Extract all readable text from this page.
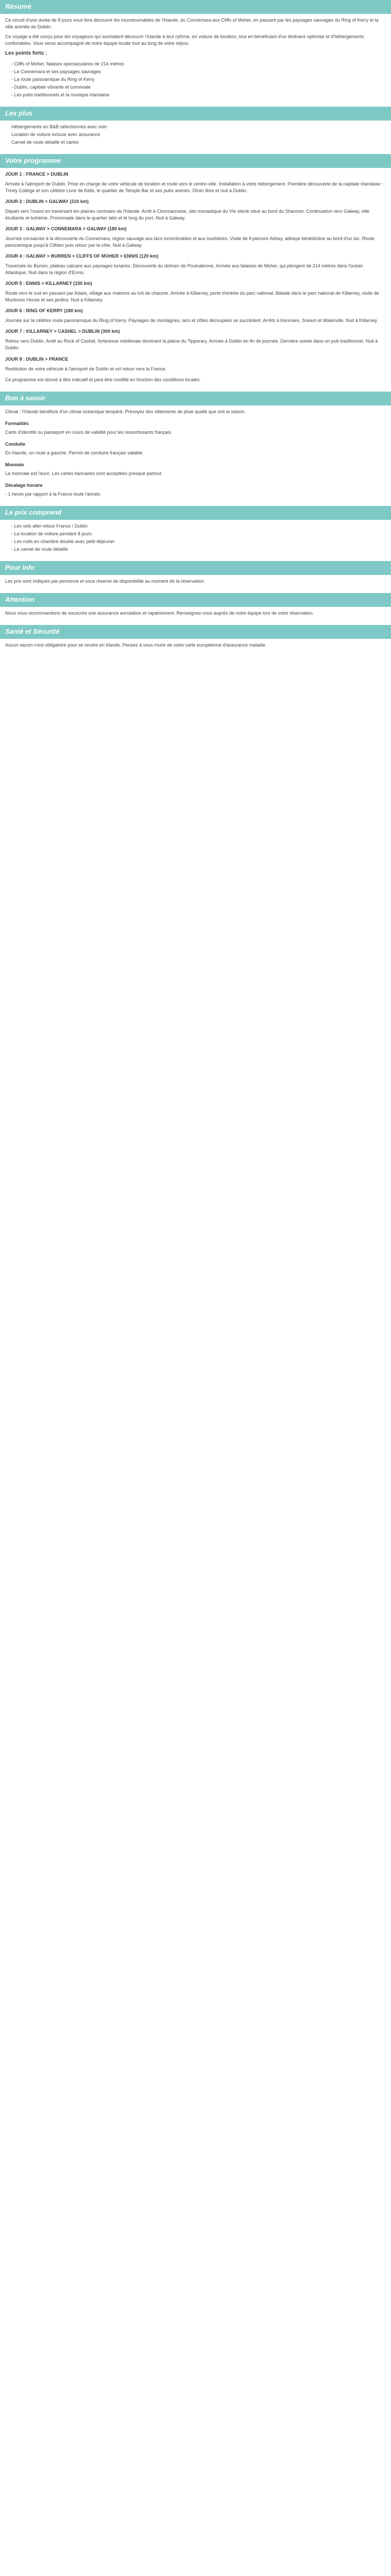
Résumé

Ce circuit d'une durée de 8 jours vous fera découvrir les incontournables de l'Irlande, du Connemara aux Cliffs of Moher, en passant par les paysages sauvages du Ring of Kerry et la ville animée de Dublin.

Ce voyage a été conçu pour les voyageurs qui souhaitent découvrir l'Irlande à leur rythme, en voiture de location, tout en bénéficiant d'un itinéraire optimisé et d'hébergements confortables. Vous serez accompagné de notre équipe locale tout au long de votre séjour.

Les points forts :

- Cliffs of Moher, falaises spectaculaires de 214 mètres
- Le Connemara et ses paysages sauvages
- La route panoramique du Ring of Kerry
- Dublin, capitale vibrante et conviviale
- Les pubs traditionnels et la musique irlandaise
Les plus
Hébergements en B&B sélectionnés avec soin
Location de voiture incluse avec assurance
Carnet de route détaillé et cartes
Votre programme

JOUR 1 : FRANCE > DUBLIN

Arrivée à l'aéroport de Dublin. Prise en charge de votre véhicule de location et route vers le centre-ville. Installation à votre hébergement. Première découverte de la capitale irlandaise : Trinity College et son célèbre Livre de Kells, le quartier de Temple Bar et ses pubs animés. Dîner libre et nuit à Dublin.

JOUR 2 : DUBLIN > GALWAY (210 km)

Départ vers l'ouest en traversant les plaines centrales de l'Irlande. Arrêt à Clonmacnoise, site monastique du VIe siècle situé au bord du Shannon. Continuation vers Galway, ville étudiante et bohème. Promenade dans le quartier latin et le long du port. Nuit à Galway.

JOUR 3 : GALWAY > CONNEMARA > GALWAY (180 km)

Journée consacrée à la découverte du Connemara, région sauvage aux lacs innombrables et aux tourbières. Visite de Kylemore Abbey, abbaye bénédictine au bord d'un lac. Route panoramique jusqu'à Clifden puis retour par la côte. Nuit à Galway.

JOUR 4 : GALWAY > BURREN > CLIFFS OF MOHER > ENNIS (120 km)

Traversée du Burren, plateau calcaire aux paysages lunaires. Découverte du dolmen de Poulnabrone. Arrivée aux falaises de Moher, qui plongent de 214 mètres dans l'océan Atlantique. Nuit dans la région d'Ennis.

JOUR 5 : ENNIS > KILLARNEY (150 km)

Route vers le sud en passant par Adare, village aux maisons au toit de chaume. Arrivée à Killarney, porte d'entrée du parc national. Balade dans le parc national de Killarney, visite de Muckross House et ses jardins. Nuit à Killarney.

JOUR 6 : RING OF KERRY (180 km)

Journée sur la célèbre route panoramique du Ring of Kerry. Paysages de montagnes, lacs et côtes découpées se succèdent. Arrêts à Kenmare, Sneem et Waterville. Nuit à Killarney.

JOUR 7 : KILLARNEY > CASHEL > DUBLIN (300 km)

Retour vers Dublin. Arrêt au Rock of Cashel, forteresse médiévale dominant la plaine du Tipperary. Arrivée à Dublin en fin de journée. Dernière soirée dans un pub traditionnel. Nuit à Dublin.

JOUR 8 : DUBLIN > FRANCE

Restitution de votre véhicule à l'aéroport de Dublin et vol retour vers la France.

Ce programme est donné à titre indicatif et peut être modifié en fonction des conditions locales.

Bon à savoir

Climat : l'Irlande bénéficie d'un climat océanique tempéré. Prévoyez des vêtements de pluie quelle que soit la saison.

Formalités

Carte d'identité ou passeport en cours de validité pour les ressortissants français.

Conduite

En Irlande, on roule à gauche. Permis de conduire français valable.

Monnaie

La monnaie est l'euro. Les cartes bancaires sont acceptées presque partout.

Décalage horaire

- 1 heure par rapport à la France toute l'année.

Le prix comprend
- Les vols aller-retour France / Dublin
- La location de voiture pendant 8 jours
- Les nuits en chambre double avec petit-déjeuner
- Le carnet de route détaillé
Pour info

Les prix sont indiqués par personne et sous réserve de disponibilité au moment de la réservation.

Attention

Nous vous recommandons de souscrire une assurance annulation et rapatriement. Renseignez-vous auprès de notre équipe lors de votre réservation.

Santé et Sécurité

Aucun vaccin n'est obligatoire pour se rendre en Irlande. Pensez à vous munir de votre carte européenne d'assurance maladie.
